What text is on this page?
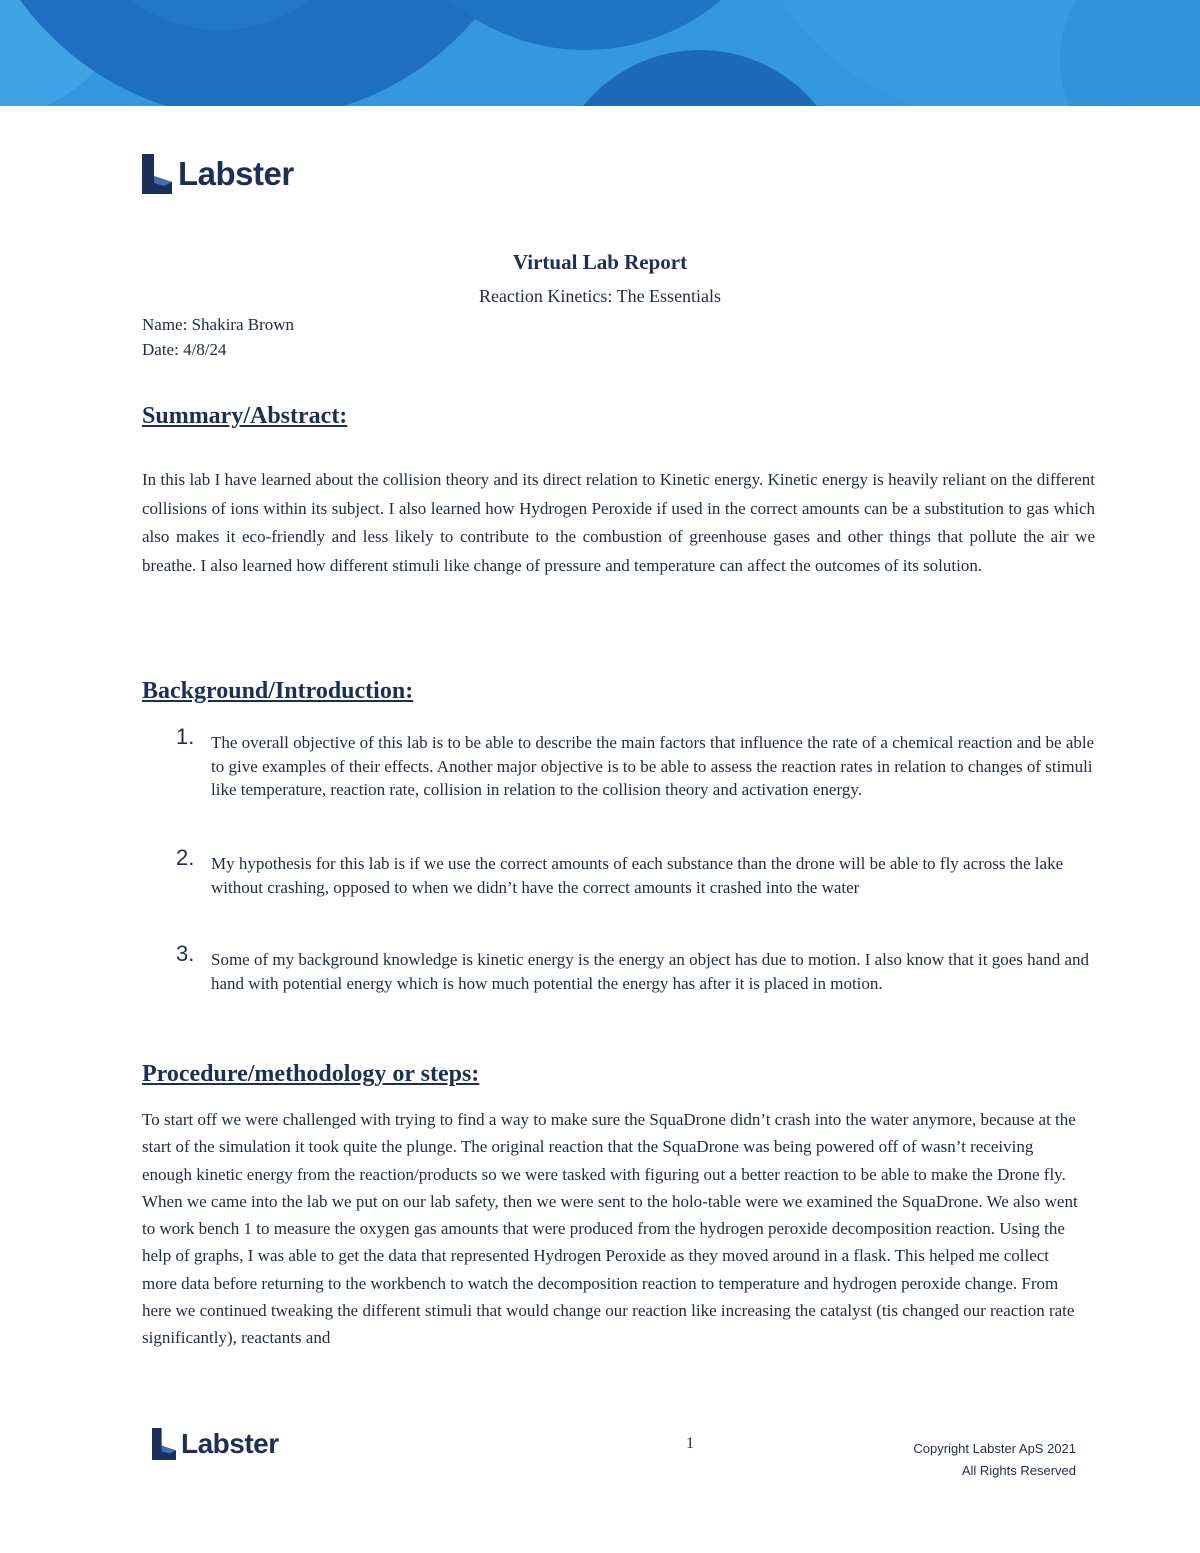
Labster
Virtual Lab Report
Reaction Kinetics: The Essentials
Name: Shakira Brown
Date: 4/8/24
Summary/Abstract:

In this lab I have learned about the collision theory and its direct relation to Kinetic energy. Kinetic energy is heavily reliant on the different collisions of ions within its subject. I also learned how Hydrogen Peroxide if used in the correct amounts can be a substitution to gas which also makes it eco-friendly and less likely to contribute to the combustion of greenhouse gases and other things that pollute the air we breathe. I also learned how different stimuli like change of pressure and temperature can affect the outcomes of its solution.

Background/Introduction:
1. The overall objective of this lab is to be able to describe the main factors that influence the rate of a chemical reaction and be able to give examples of their effects. Another major objective is to be able to assess the reaction rates in relation to changes of stimuli like temperature, reaction rate, collision in relation to the collision theory and activation energy.
2. My hypothesis for this lab is if we use the correct amounts of each substance than the drone will be able to fly across the lake without crashing, opposed to when we didn’t have the correct amounts it crashed into the water
3. Some of my background knowledge is kinetic energy is the energy an object has due to motion. I also know that it goes hand and hand with potential energy which is how much potential the energy has after it is placed in motion.
Procedure/methodology or steps:

To start off we were challenged with trying to find a way to make sure the SquaDrone didn’t crash into the water anymore, because at the start of the simulation it took quite the plunge. The original reaction that the SquaDrone was being powered off of wasn’t receiving enough kinetic energy from the reaction/products so we were tasked with figuring out a better reaction to be able to make the Drone fly. When we came into the lab we put on our lab safety, then we were sent to the holo-table were we examined the SquaDrone. We also went to work bench 1 to measure the oxygen gas amounts that were produced from the hydrogen peroxide decomposition reaction. Using the help of graphs, I was able to get the data that represented Hydrogen Peroxide as they moved around in a flask. This helped me collect more data before returning to the workbench to watch the decomposition reaction to temperature and hydrogen peroxide change. From here we continued tweaking the different stimuli that would change our reaction like increasing the catalyst (tis changed our reaction rate significantly), reactants and

Labster	1	Copyright Labster ApS 2021
All Rights Reserved
